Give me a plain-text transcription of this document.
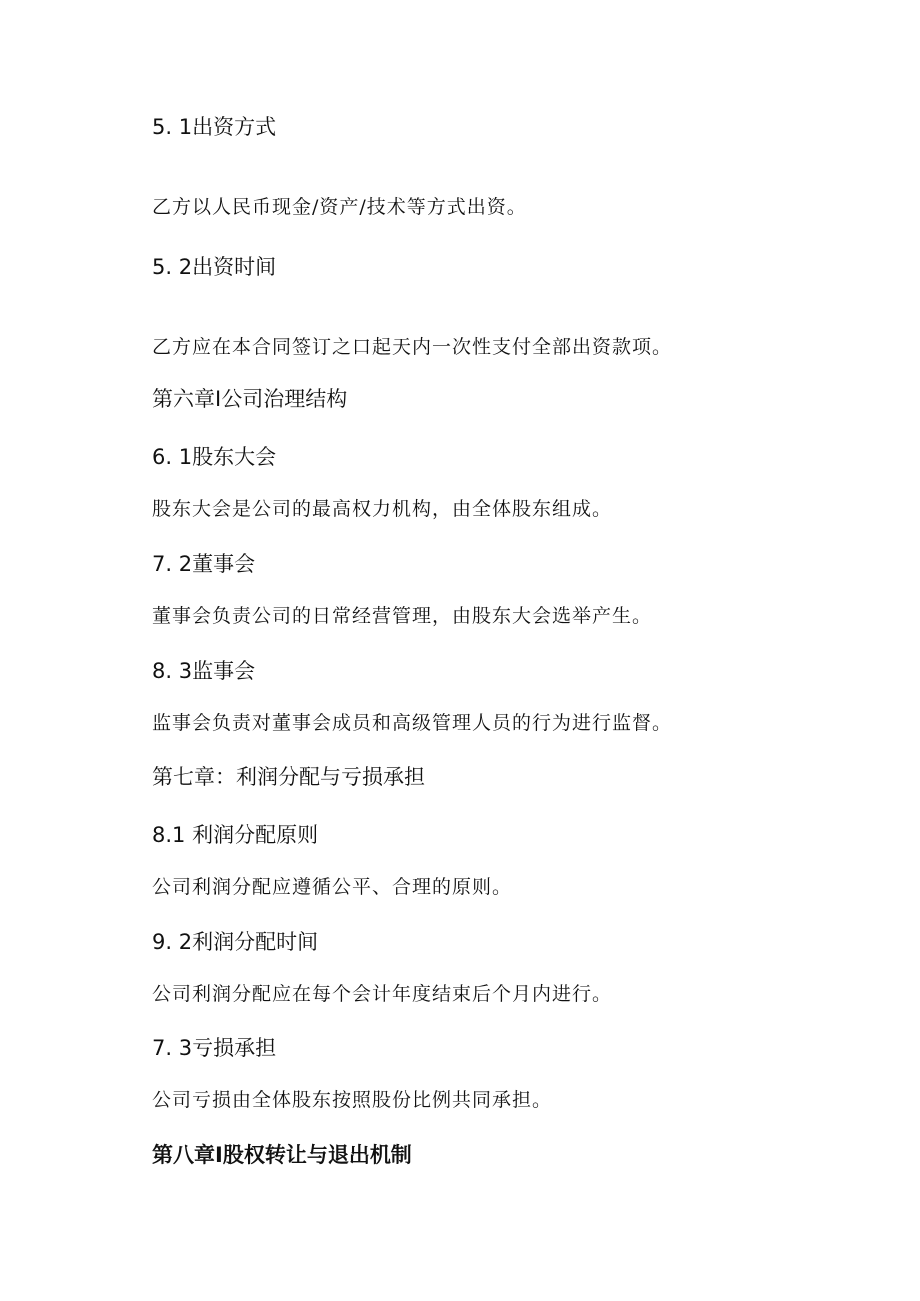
5. 1出资方式

乙方以人民币现金/资产/技术等方式出资。

5. 2出资时间

乙方应在本合同签订之口起天内一次性支付全部出资款项。

第六章I公司治理结构
6. 1股东大会

股东大会是公司的最高权力机构，由全体股东组成。

7. 2董事会

董事会负责公司的日常经营管理，由股东大会选举产生。

8. 3监事会

监事会负责对董事会成员和高级管理人员的行为进行监督。

第七章：利润分配与亏损承担
8.1 利润分配原则

公司利润分配应遵循公平、合理的原则。

9. 2利润分配时间

公司利润分配应在每个会计年度结束后个月内进行。

7. 3亏损承担

公司亏损由全体股东按照股份比例共同承担。

第八章I股权转让与退出机制
